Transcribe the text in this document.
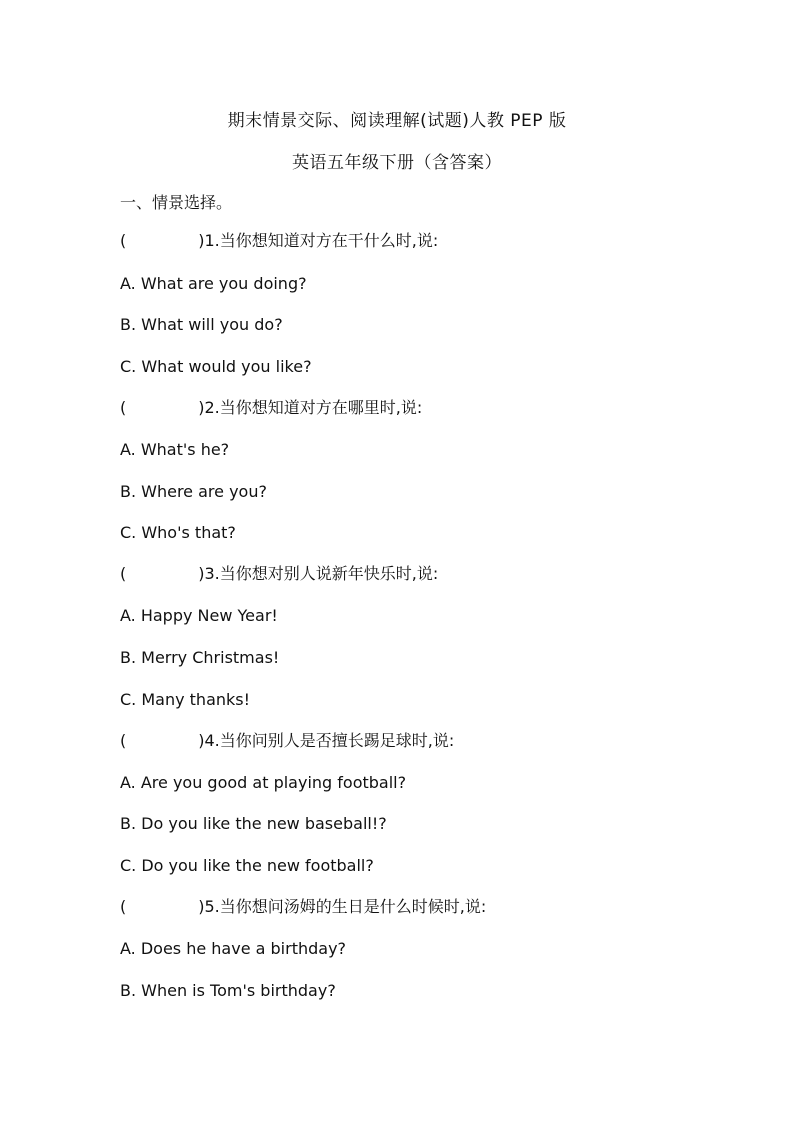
期末情景交际、阅读理解(试题)人教 PEP 版
英语五年级下册（含答案）
一、情景选择。
(	)1.当你想知道对方在干什么时,说:
A. What are you doing?
B. What will you do?
C. What would you like?
(	)2.当你想知道对方在哪里时,说:
A. What's he?
B. Where are you?
C. Who's that?
(	)3.当你想对别人说新年快乐时,说:
A. Happy New Year!
B. Merry Christmas!
C. Many thanks!
(	)4.当你问别人是否擅长踢足球时,说:
A. Are you good at playing football?
B. Do you like the new baseball!?
C. Do you like the new football?
(	)5.当你想问汤姆的生日是什么时候时,说:
A. Does he have a birthday?
B. When is Tom's birthday?
